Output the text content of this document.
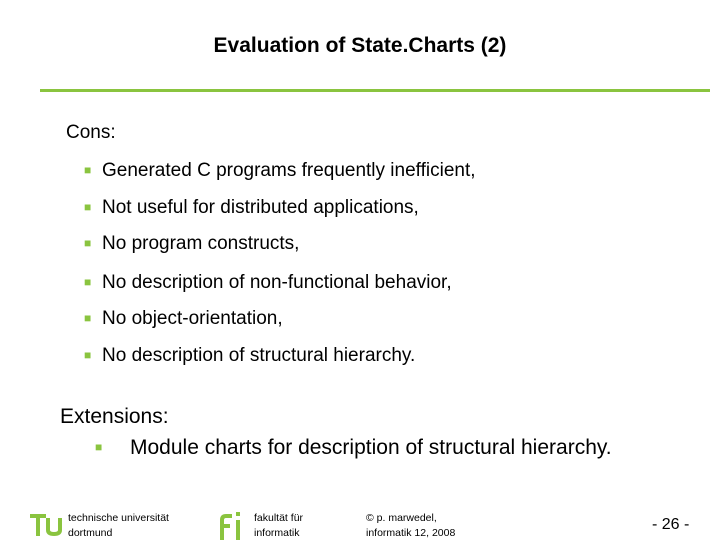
Evaluation of State.Charts (2)
Cons:
■ Generated C programs frequently inefficient,
■ Not useful for distributed applications,
■ No program constructs,
■ No description of non-functional behavior,
■ No object-orientation,
■ No description of structural hierarchy.
Extensions:
■ Module charts for description of structural hierarchy.
technische universität
dortmund
fakultät für
informatik
© p. marwedel,
informatik 12, 2008	- 26 -
